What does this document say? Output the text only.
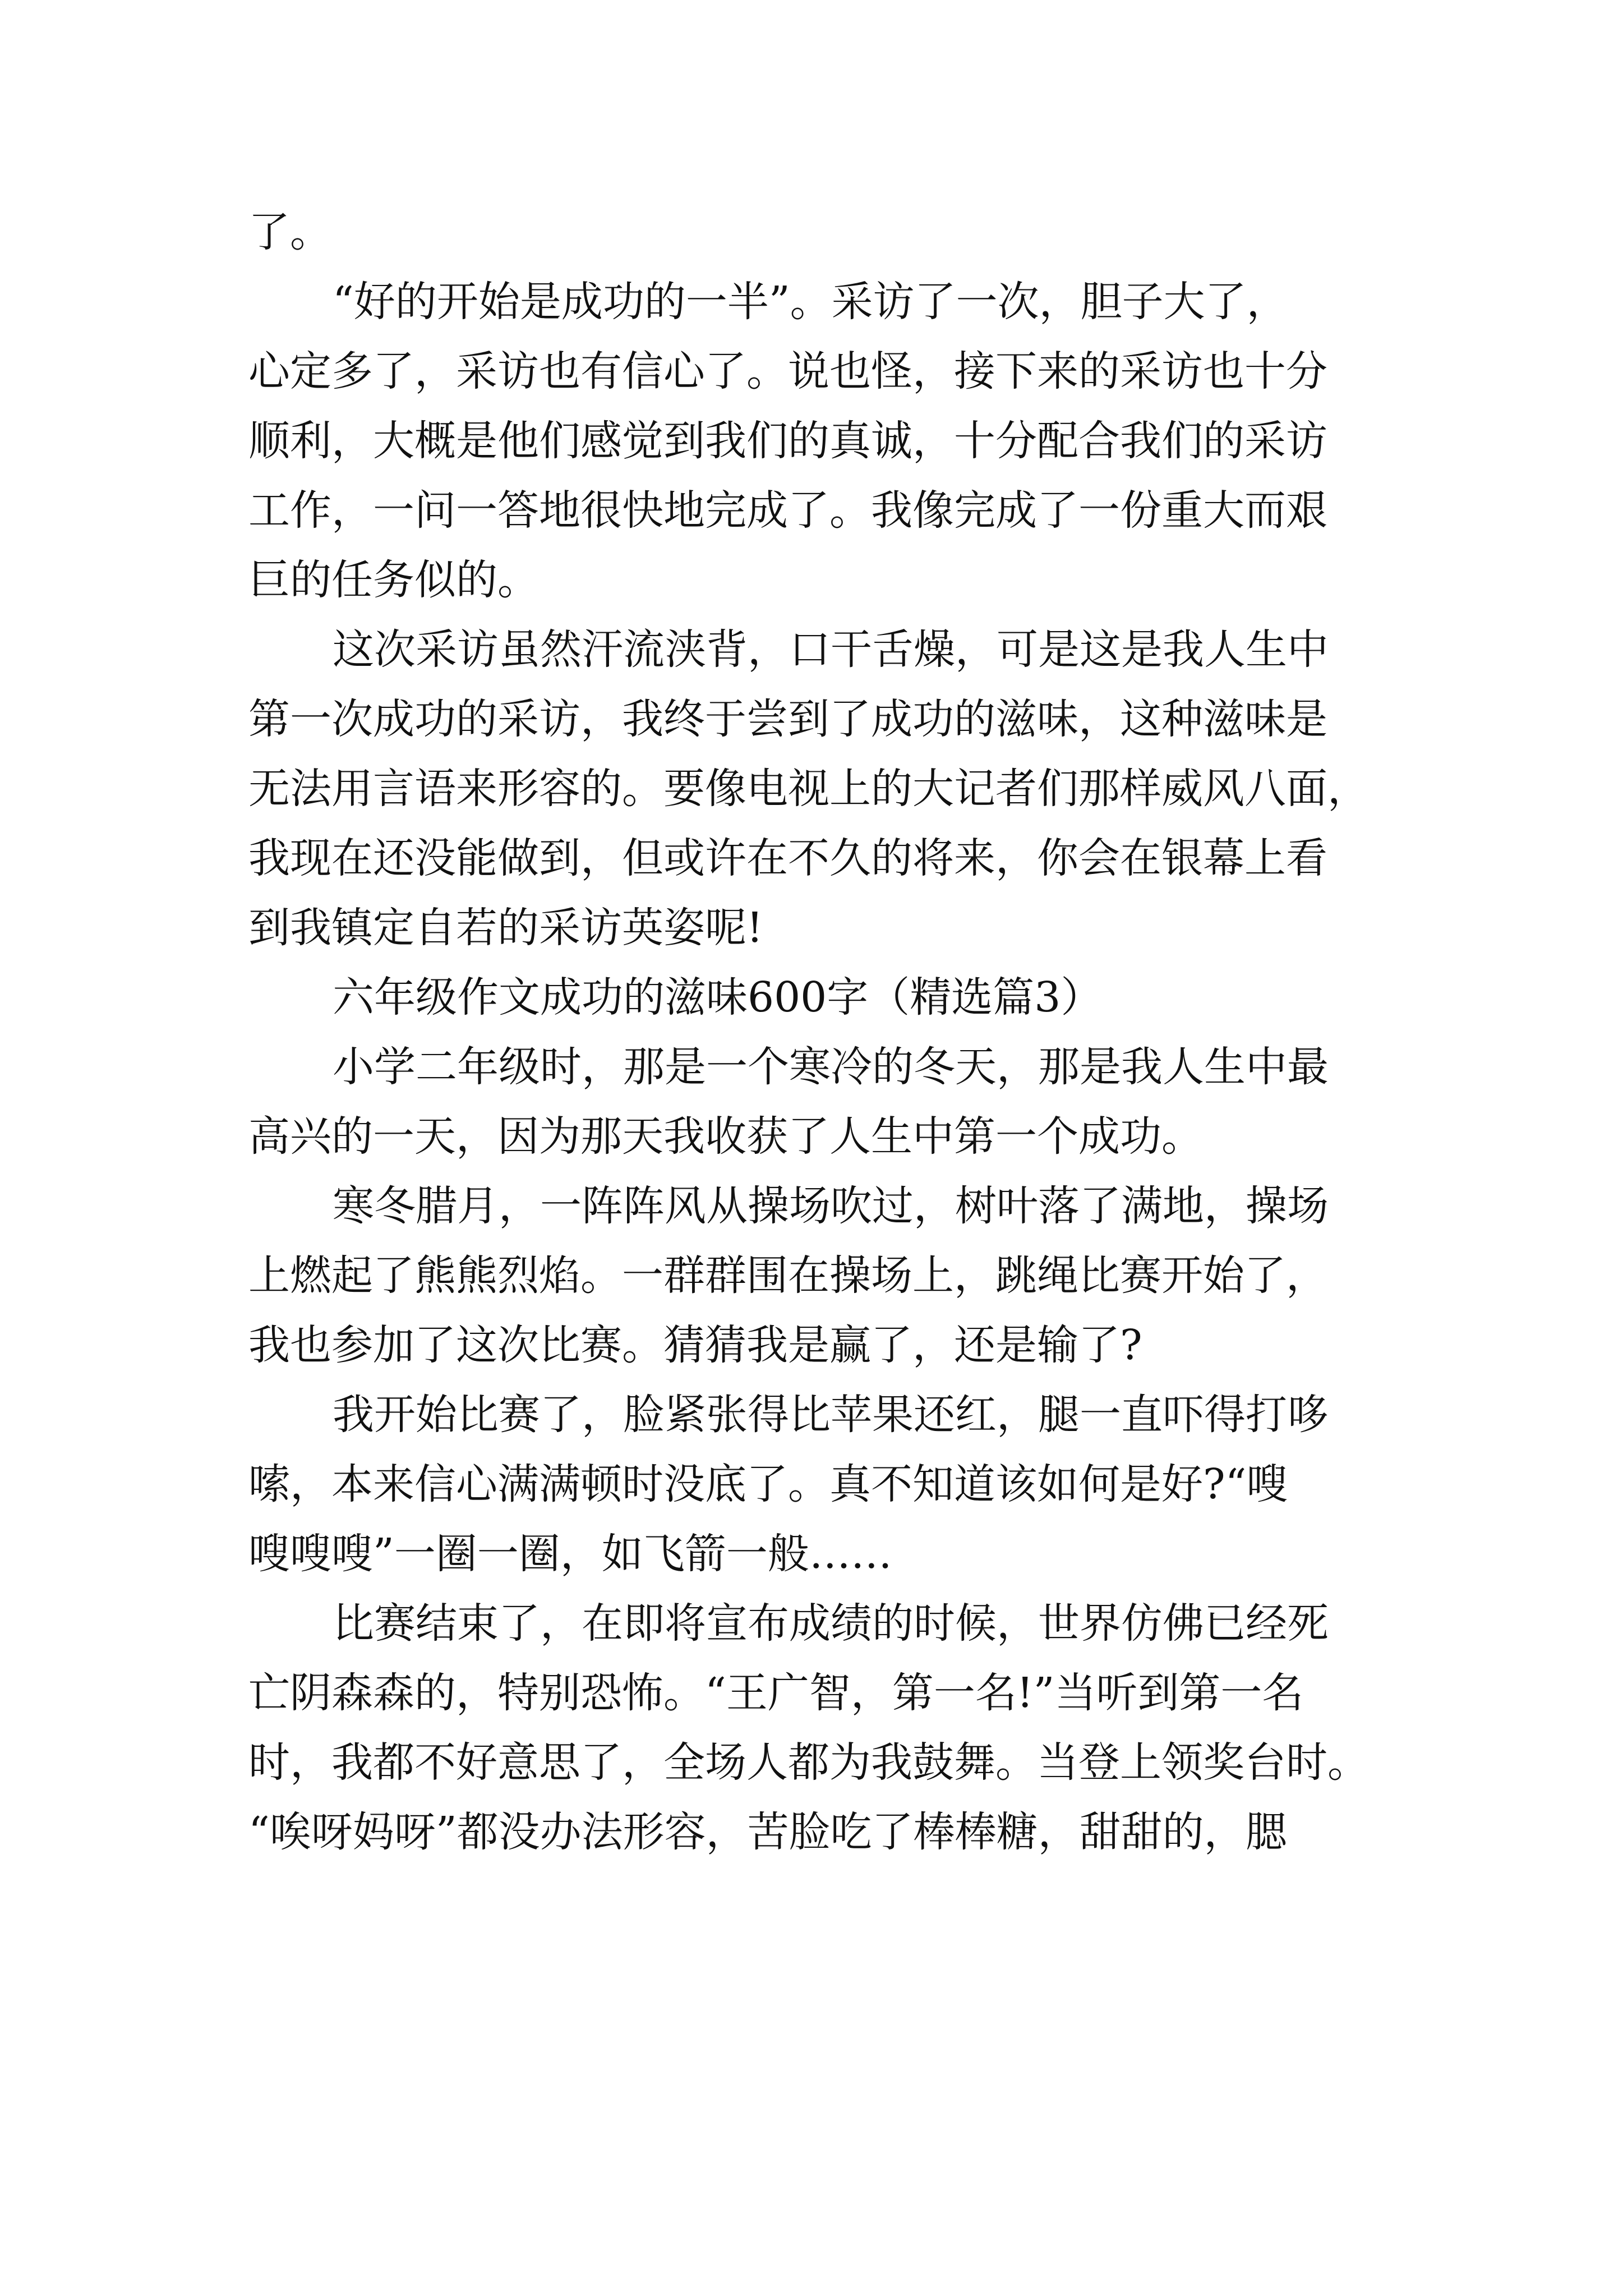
了。
“好的开始是成功的一半”。采访了一次，胆子大了，
心定多了，采访也有信心了。说也怪，接下来的采访也十分
顺利，大概是他们感觉到我们的真诚，十分配合我们的采访
工作，一问一答地很快地完成了。我像完成了一份重大而艰
巨的任务似的。
这次采访虽然汗流浃背，口干舌燥，可是这是我人生中
第一次成功的采访，我终于尝到了成功的滋味，这种滋味是
无法用言语来形容的。要像电视上的大记者们那样威风八面，
我现在还没能做到，但或许在不久的将来，你会在银幕上看
到我镇定自若的采访英姿呢!
六年级作文成功的滋味600字（精选篇3）
小学二年级时，那是一个寒冷的冬天，那是我人生中最
高兴的一天，因为那天我收获了人生中第一个成功。
寒冬腊月，一阵阵风从操场吹过，树叶落了满地，操场
上燃起了熊熊烈焰。一群群围在操场上，跳绳比赛开始了，
我也参加了这次比赛。猜猜我是赢了，还是输了?
我开始比赛了，脸紧张得比苹果还红，腿一直吓得打哆
嗦，本来信心满满顿时没底了。真不知道该如何是好?“嗖
嗖嗖嗖”一圈一圈，如飞箭一般……
比赛结束了，在即将宣布成绩的时候，世界仿佛已经死
亡阴森森的，特别恐怖。“王广智，第一名!”当听到第一名
时，我都不好意思了，全场人都为我鼓舞。当登上领奖台时。
“唉呀妈呀”都没办法形容，苦脸吃了棒棒糖，甜甜的，腮
